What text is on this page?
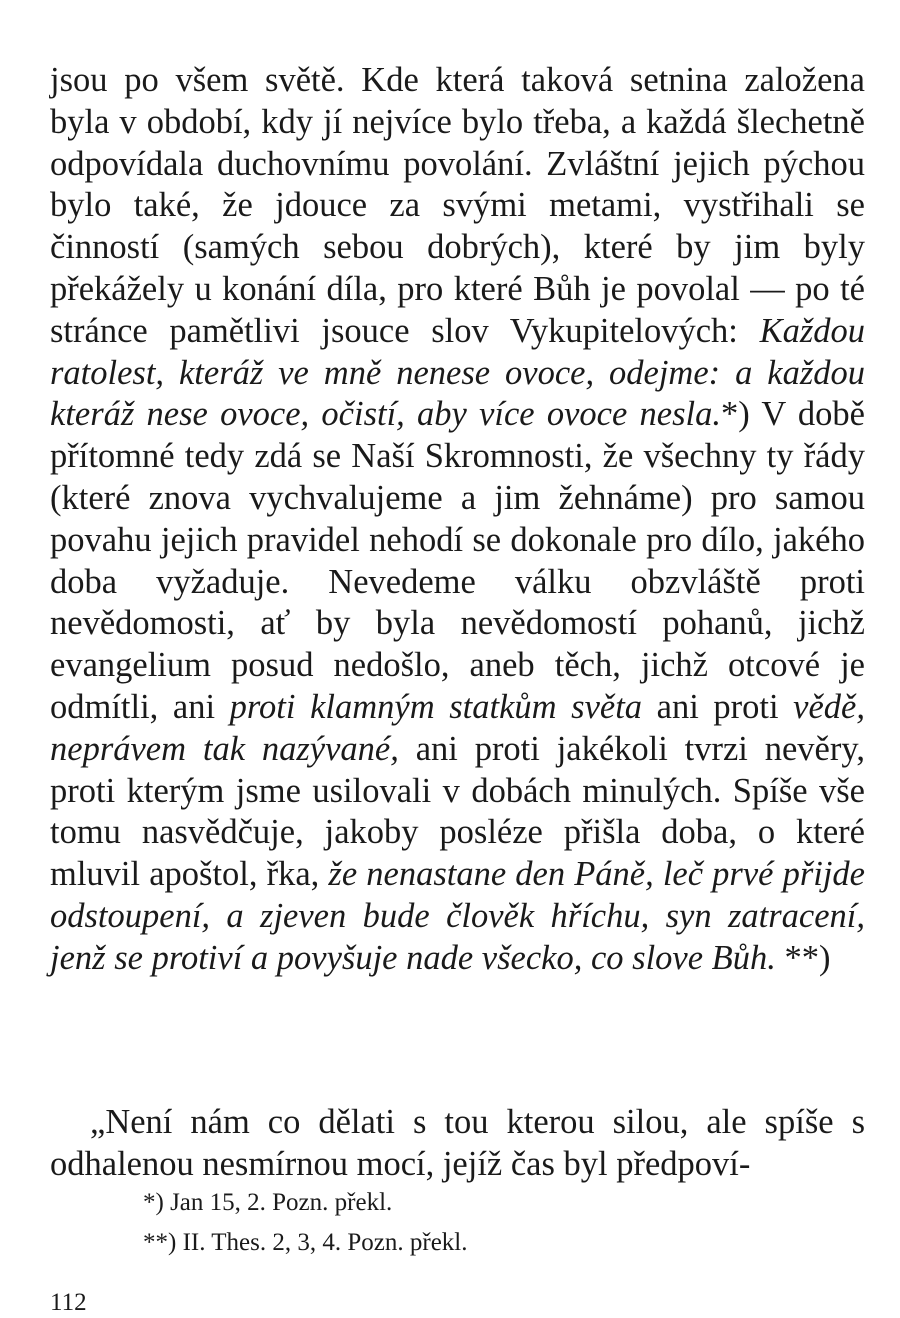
jsou po všem světě. Kde která taková setnina založena byla v období, kdy jí nejvíce bylo třeba, a každá šlechetně odpovídala duchovnímu povolání. Zvláštní jejich pýchou bylo také, že jdouce za svými metami, vystřihali se činností (samých sebou dobrých), které by jim byly překážely u konání díla, pro které Bůh je povolal — po té stránce pamětlivi jsouce slov Vykupitelových: Každou ratolest, kteráž ve mně nenese ovoce, odejme: a každou kteráž nese ovoce, očistí, aby více ovoce nesla.*) V době přítomné tedy zdá se Naší Skromnosti, že všechny ty řády (které znova vychvalujeme a jim žehnáme) pro samou povahu jejich pravidel nehodí se dokonale pro dílo, jakého doba vyžaduje. Nevedeme válku obzvláště proti nevědomosti, ať by byla nevědomostí pohanů, jichž evangelium posud nedošlo, aneb těch, jichž otcové je odmítli, ani proti klamným statkům světa ani proti vědě, neprávem tak nazývané, ani proti jakékoli tvrzi nevěry, proti kterým jsme usilovali v dobách minulých. Spíše vše tomu nasvědčuje, jakoby posléze přišla doba, o které mluvil apoštol, řka, že nenastane den Páně, leč prvé přijde odstoupení, a zjeven bude člověk hříchu, syn zatracení, jenž se protiví a povyšuje nade všecko, co slove Bůh. **)
„Není nám co dělati s tou kterou silou, ale spíše s odhalenou nesmírnou mocí, jejíž čas byl předpoví-
*) Jan 15, 2. Pozn. překl.
**) II. Thes. 2, 3, 4. Pozn. překl.
112
